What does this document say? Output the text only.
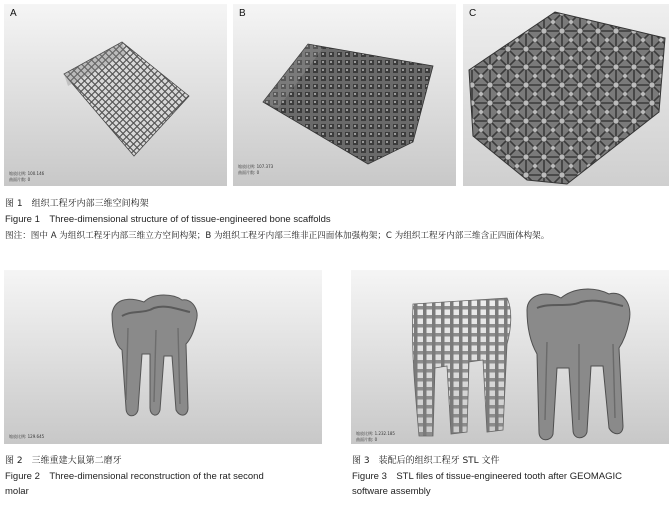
A
缩放比例: 100.146
曲面片数: 0
B
缩放比例: 107.373
曲面片数: 0
C
图 1　组织工程牙内部三维空间构架
Figure 1　Three-dimensional structure of of tissue-engineered bone scaffolds
图注：图中 A 为组织工程牙内部三维立方空间构架；B 为组织工程牙内部三维非正四面体加强构架；C 为组织工程牙内部三维含正四面体构架。
缩放比例: 129.645
图 2　三维重建大鼠第二磨牙
Figure 2　Three-dimensional reconstruction of the rat second
molar
缩放比例: 1.232.185
曲面片数: 0
图 3　装配后的组织工程牙 STL 文件
Figure 3　STL files of tissue-engineered tooth after GEOMAGIC
software assembly
